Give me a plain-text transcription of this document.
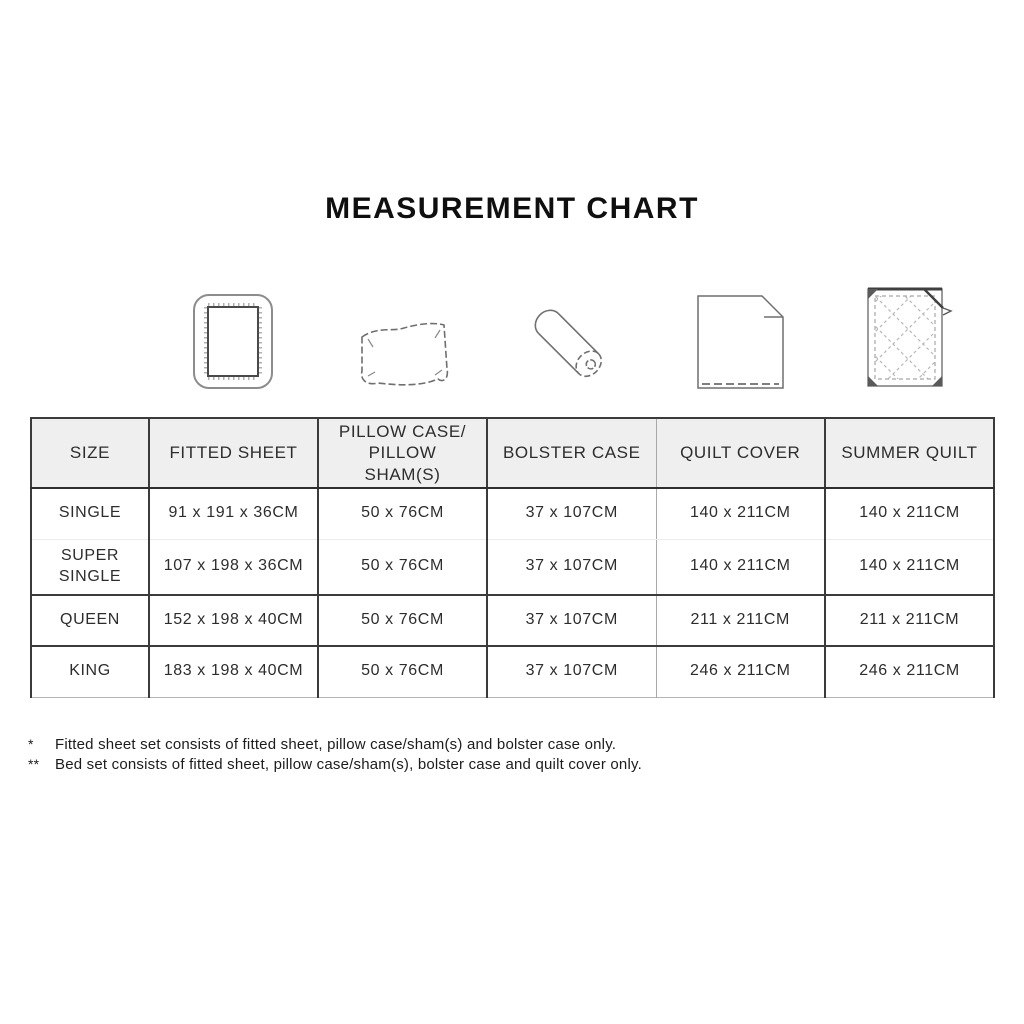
MEASUREMENT CHART
SIZE	FITTED SHEET	PILLOW CASE/ PILLOW SHAM(S)	BOLSTER CASE	QUILT COVER	SUMMER QUILT
SINGLE	91 x 191 x 36CM	50 x 76CM	37 x 107CM	140 x 211CM	140 x 211CM
SUPER SINGLE	107 x 198 x 36CM	50 x 76CM	37 x 107CM	140 x 211CM	140 x 211CM
QUEEN	152 x 198 x 40CM	50 x 76CM	37 x 107CM	211 x 211CM	211 x 211CM
KING	183 x 198 x 40CM	50 x 76CM	37 x 107CM	246 x 211CM	246 x 211CM
*	Fitted sheet set consists of fitted sheet, pillow case/sham(s) and bolster case only.
**	Bed set consists of fitted sheet, pillow case/sham(s), bolster case and quilt cover only.
